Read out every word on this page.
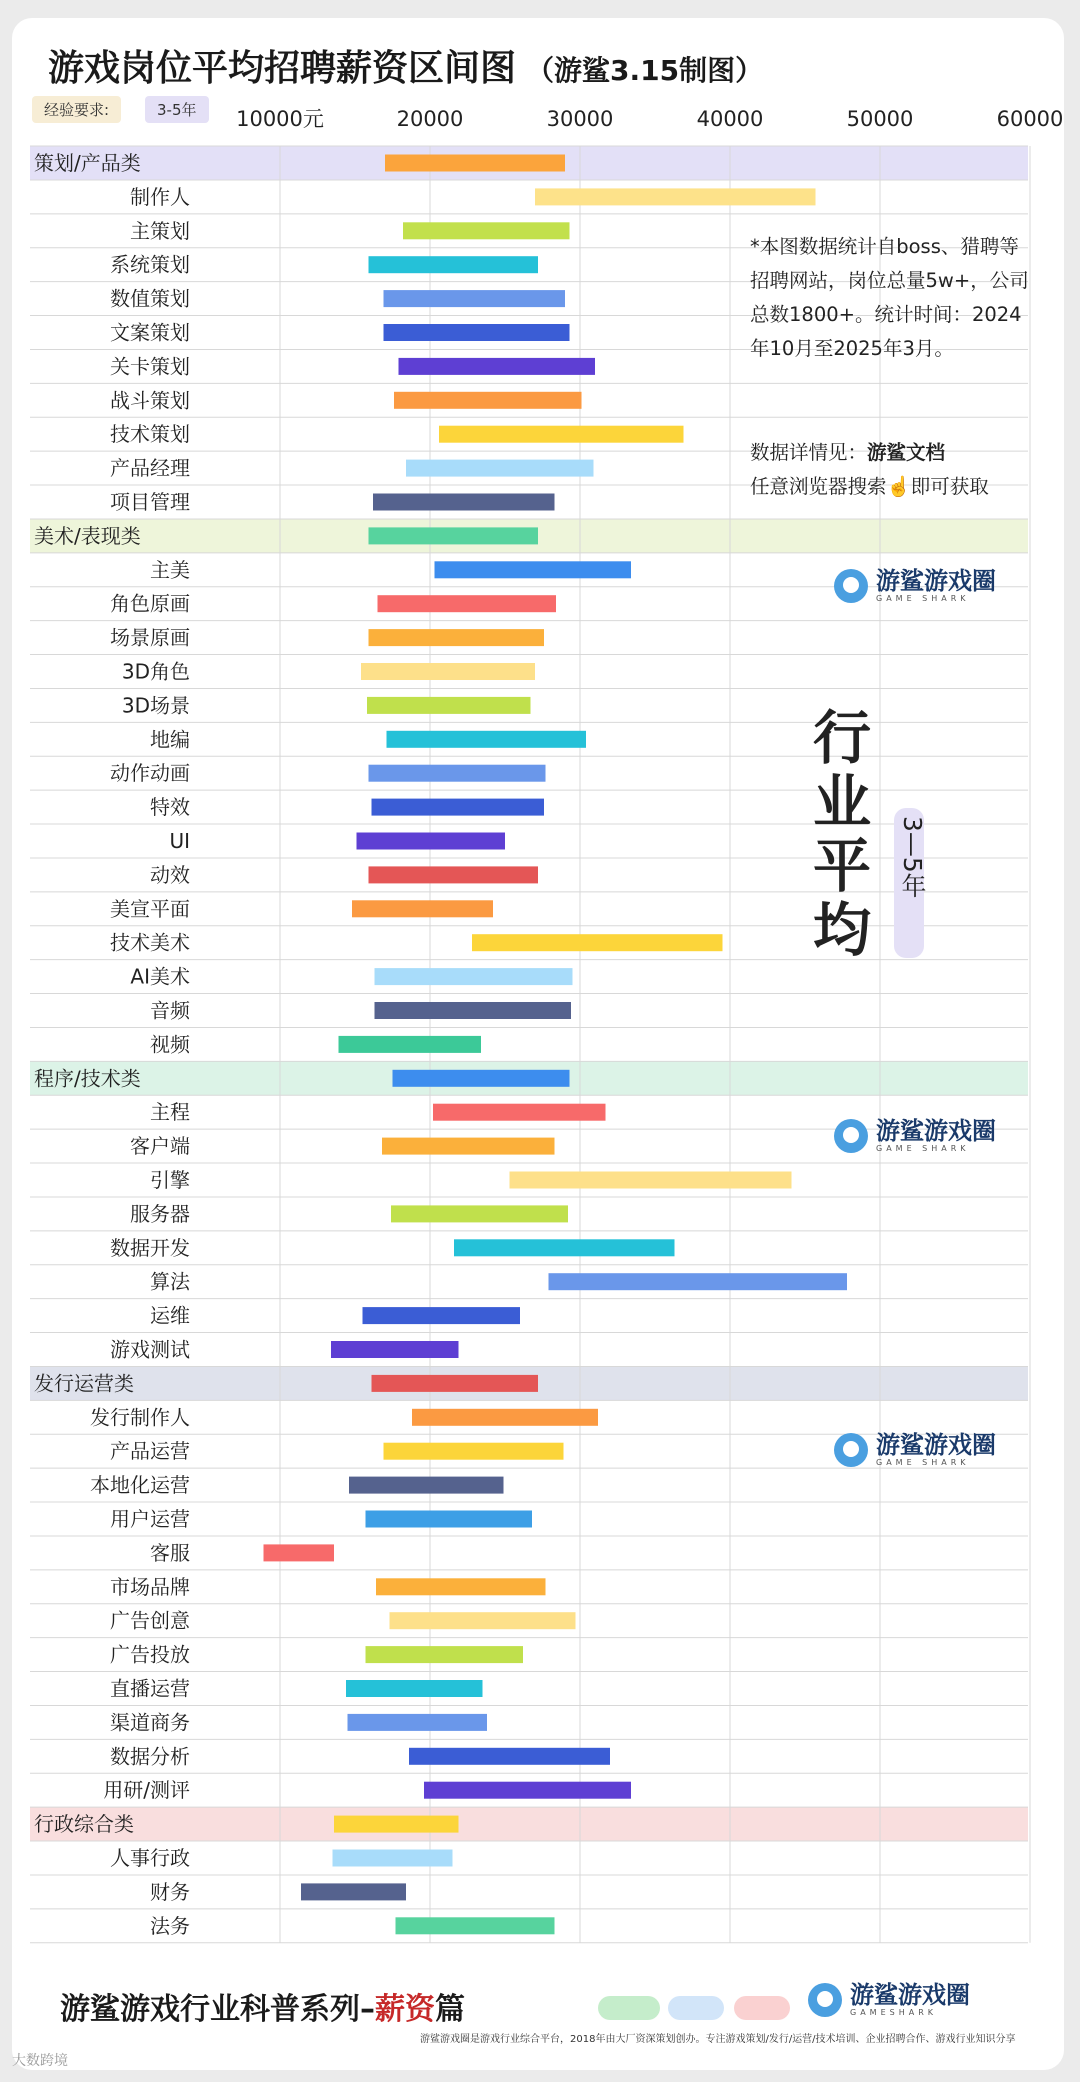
10000元	20000	30000	40000	50000	60000
策划/产品类
制作人
主策划
系统策划
数值策划
文案策划
关卡策划
战斗策划
技术策划
产品经理
项目管理
美术/表现类
主美
角色原画
场景原画
3D角色
3D场景
地编
动作动画
特效
UI
动效
美宣平面
技术美术
AI美术
音频
视频
程序/技术类
主程
客户端
引擎
服务器
数据开发
算法
运维
游戏测试
发行运营类
发行制作人
产品运营
本地化运营
用户运营
客服
市场品牌
广告创意
广告投放
直播运营
渠道商务
数据分析
用研/测评
行政综合类
人事行政
财务
法务
游戏岗位平均招聘薪资区间图 （游鲨3.15制图）
经验要求:	3-5年
*本图数据统计自boss、猎聘等招聘网站，岗位总量5w+，公司总数1800+。统计时间：2024年10月至2025年3月。
数据详情见：游鲨文档
任意浏览器搜索☝️即可获取
行业平均
3—5年
游鲨游戏圈
GAME SHARK
游鲨游戏圈
GAME SHARK
游鲨游戏圈
GAME SHARK
游鲨游戏行业科普系列–薪资篇	游鲨游戏圈
GAMESHARK
游鲨游戏圈是游戏行业综合平台，2018年由大厂资深策划创办。专注游戏策划/发行/运营/技术培训、企业招聘合作、游戏行业知识分享
大数跨境
